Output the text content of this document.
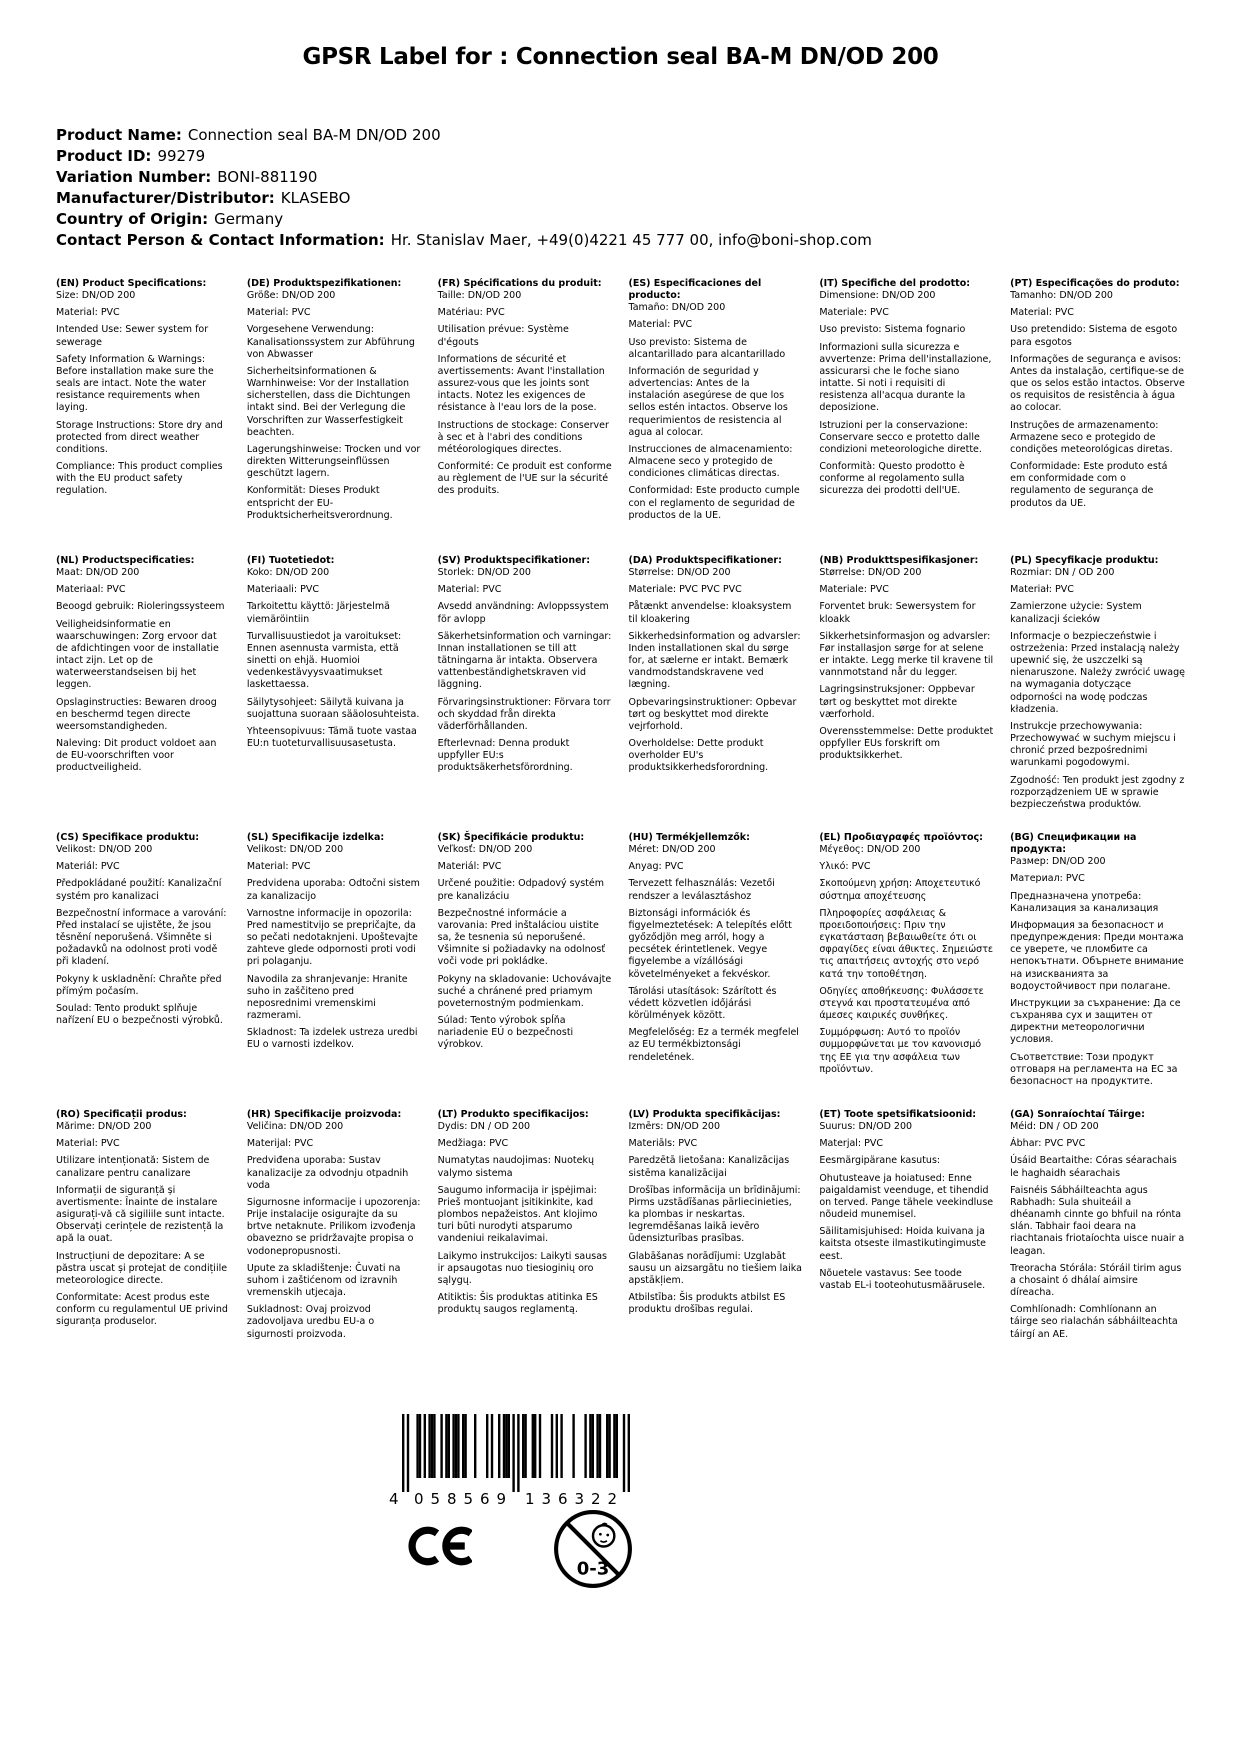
GPSR Label for : Connection seal BA-M DN/OD 200
Product Name: Connection seal BA-M DN/OD 200
Product ID: 99279
Variation Number: BONI-881190
Manufacturer/Distributor: KLASEBO
Country of Origin: Germany
Contact Person & Contact Information: Hr. Stanislav Maer, +49(0)4221 45 777 00, info@boni-shop.com
(EN) Product Specifications:

Size: DN/OD 200

Material: PVC

Intended Use: Sewer system for sewerage

Safety Information & Warnings: Before installation make sure the seals are intact. Note the water resistance requirements when laying.

Storage Instructions: Store dry and protected from direct weather conditions.

Compliance: This product complies with the EU product safety regulation.

(DE) Produktspezifikationen:

Größe: DN/OD 200

Material: PVC

Vorgesehene Verwendung: Kanalisationssystem zur Abführung von Abwasser

Sicherheitsinformationen & Warnhinweise: Vor der Installation sicherstellen, dass die Dichtungen intakt sind. Bei der Verlegung die Vorschriften zur Wasserfestigkeit beachten.

Lagerungshinweise: Trocken und vor direkten Witterungseinflüssen geschützt lagern.

Konformität: Dieses Produkt entspricht der EU-Produktsicherheitsverordnung.

(FR) Spécifications du produit:

Taille: DN/OD 200

Matériau: PVC

Utilisation prévue: Système d'égouts

Informations de sécurité et avertissements: Avant l'installation assurez-vous que les joints sont intacts. Notez les exigences de résistance à l'eau lors de la pose.

Instructions de stockage: Conserver à sec et à l'abri des conditions météorologiques directes.

Conformité: Ce produit est conforme au règlement de l'UE sur la sécurité des produits.

(ES) Especificaciones del producto:

Tamaño: DN/OD 200

Material: PVC

Uso previsto: Sistema de alcantarillado para alcantarillado

Información de seguridad y advertencias: Antes de la instalación asegúrese de que los sellos estén intactos. Observe los requerimientos de resistencia al agua al colocar.

Instrucciones de almacenamiento: Almacene seco y protegido de condiciones climáticas directas.

Conformidad: Este producto cumple con el reglamento de seguridad de productos de la UE.

(IT) Specifiche del prodotto:

Dimensione: DN/OD 200

Materiale: PVC

Uso previsto: Sistema fognario

Informazioni sulla sicurezza e avvertenze: Prima dell'installazione, assicurarsi che le foche siano intatte. Si noti i requisiti di resistenza all'acqua durante la deposizione.

Istruzioni per la conservazione: Conservare secco e protetto dalle condizioni meteorologiche dirette.

Conformità: Questo prodotto è conforme al regolamento sulla sicurezza dei prodotti dell'UE.

(PT) Especificações do produto:

Tamanho: DN/OD 200

Material: PVC

Uso pretendido: Sistema de esgoto para esgotos

Informações de segurança e avisos: Antes da instalação, certifique-se de que os selos estão intactos. Observe os requisitos de resistência à água ao colocar.

Instruções de armazenamento: Armazene seco e protegido de condições meteorológicas diretas.

Conformidade: Este produto está em conformidade com o regulamento de segurança de produtos da UE.

(NL) Productspecificaties:

Maat: DN/OD 200

Materiaal: PVC

Beoogd gebruik: Rioleringssysteem

Veiligheidsinformatie en waarschuwingen: Zorg ervoor dat de afdichtingen voor de installatie intact zijn. Let op de waterweerstandseisen bij het leggen.

Opslaginstructies: Bewaren droog en beschermd tegen directe weersomstandigheden.

Naleving: Dit product voldoet aan de EU-voorschriften voor productveiligheid.

(FI) Tuotetiedot:

Koko: DN/OD 200

Materiaali: PVC

Tarkoitettu käyttö: Järjestelmä viemäröintiin

Turvallisuustiedot ja varoitukset: Ennen asennusta varmista, että sinetti on ehjä. Huomioi vedenkestävyysvaatimukset laskettaessa.

Säilytysohjeet: Säilytä kuivana ja suojattuna suoraan sääolosuhteista.

Yhteensopivuus: Tämä tuote vastaa EU:n tuoteturvallisuusasetusta.

(SV) Produktspecifikationer:

Storlek: DN/OD 200

Material: PVC

Avsedd användning: Avloppssystem för avlopp

Säkerhetsinformation och varningar: Innan installationen se till att tätningarna är intakta. Observera vattenbeständighetskraven vid läggning.

Förvaringsinstruktioner: Förvara torr och skyddad från direkta väderförhållanden.

Efterlevnad: Denna produkt uppfyller EU:s produktsäkerhetsförordning.

(DA) Produktspecifikationer:

Størrelse: DN/OD 200

Materiale: PVC PVC PVC

Påtænkt anvendelse: kloaksystem til kloakering

Sikkerhedsinformation og advarsler: Inden installationen skal du sørge for, at sælerne er intakt. Bemærk vandmodstandskravene ved lægning.

Opbevaringsinstruktioner: Opbevar tørt og beskyttet mod direkte vejrforhold.

Overholdelse: Dette produkt overholder EU's produktsikkerhedsforordning.

(NB) Produkttspesifikasjoner:

Størrelse: DN/OD 200

Materiale: PVC

Forventet bruk: Sewersystem for kloakk

Sikkerhetsinformasjon og advarsler: Før installasjon sørge for at selene er intakte. Legg merke til kravene til vannmotstand når du legger.

Lagringsinstruksjoner: Oppbevar tørt og beskyttet mot direkte værforhold.

Overensstemmelse: Dette produktet oppfyller EUs forskrift om produktsikkerhet.

(PL) Specyfikacje produktu:

Rozmiar: DN / OD 200

Materiał: PVC

Zamierzone użycie: System kanalizacji ścieków

Informacje o bezpieczeństwie i ostrzeżenia: Przed instalacją należy upewnić się, że uszczelki są nienaruszone. Należy zwrócić uwagę na wymagania dotyczące odporności na wodę podczas kładzenia.

Instrukcje przechowywania: Przechowywać w suchym miejscu i chronić przed bezpośrednimi warunkami pogodowymi.

Zgodność: Ten produkt jest zgodny z rozporządzeniem UE w sprawie bezpieczeństwa produktów.

(CS) Specifikace produktu:

Velikost: DN/OD 200

Materiál: PVC

Předpokládané použití: Kanalizační systém pro kanalizaci

Bezpečnostní informace a varování: Před instalací se ujistěte, že jsou těsnění neporušená. Všimněte si požadavků na odolnost proti vodě při kladení.

Pokyny k uskladnění: Chraňte před přímým počasím.

Soulad: Tento produkt splňuje nařízení EU o bezpečnosti výrobků.

(SL) Specifikacije izdelka:

Velikost: DN/OD 200

Material: PVC

Predvidena uporaba: Odtočni sistem za kanalizacijo

Varnostne informacije in opozorila: Pred namestitvijo se prepričajte, da so pečati nedotaknjeni. Upoštevajte zahteve glede odpornosti proti vodi pri polaganju.

Navodila za shranjevanje: Hranite suho in zaščiteno pred neposrednimi vremenskimi razmerami.

Skladnost: Ta izdelek ustreza uredbi EU o varnosti izdelkov.

(SK) Špecifikácie produktu:

Veľkosť: DN/OD 200

Materiál: PVC

Určené použitie: Odpadový systém pre kanalizáciu

Bezpečnostné informácie a varovania: Pred inštaláciou uistite sa, že tesnenia sú neporušené. Všimnite si požiadavky na odolnosť voči vode pri pokládke.

Pokyny na skladovanie: Uchovávajte suché a chránené pred priamym poveternostným podmienkam.

Súlad: Tento výrobok spĺňa nariadenie EÚ o bezpečnosti výrobkov.

(HU) Termékjellemzők:

Méret: DN/OD 200

Anyag: PVC

Tervezett felhasználás: Vezetői rendszer a leválasztáshoz

Biztonsági információk és figyelmeztetések: A telepítés előtt győződjön meg arról, hogy a pecsétek érintetlenek. Vegye figyelembe a vízállósági követelményeket a fekvéskor.

Tárolási utasítások: Szárított és védett közvetlen időjárási körülmények között.

Megfelelőség: Ez a termék megfelel az EU termékbiztonsági rendeletének.

(EL) Προδιαγραφές προϊόντος:

Μέγεθος: DN/OD 200

Υλικό: PVC

Σκοπούμενη χρήση: Αποχετευτικό σύστημα αποχέτευσης

Πληροφορίες ασφάλειας & προειδοποιήσεις: Πριν την εγκατάσταση βεβαιωθείτε ότι οι σφραγίδες είναι άθικτες. Σημειώστε τις απαιτήσεις αντοχής στο νερό κατά την τοποθέτηση.

Οδηγίες αποθήκευσης: Φυλάσσετε στεγνά και προστατευμένα από άμεσες καιρικές συνθήκες.

Συμμόρφωση: Αυτό το προϊόν συμμορφώνεται με τον κανονισμό της ΕΕ για την ασφάλεια των προϊόντων.

(BG) Спецификации на продукта:

Размер: DN/OD 200

Материал: PVC

Предназначена употреба: Канализация за канализация

Информация за безопасност и предупреждения: Преди монтажа се уверете, че пломбите са непокътнати. Обърнете внимание на изискванията за водоустойчивост при полагане.

Инструкции за съхранение: Да се съхранява сух и защитен от директни метеорологични условия.

Съответствие: Този продукт отговаря на регламента на ЕС за безопасност на продуктите.

(RO) Specificații produs:

Mărime: DN/OD 200

Material: PVC

Utilizare intenționată: Sistem de canalizare pentru canalizare

Informații de siguranță și avertismente: Înainte de instalare asigurați-vă că sigiliile sunt intacte. Observați cerințele de rezistență la apă la ouat.

Instrucțiuni de depozitare: A se păstra uscat și protejat de condițiile meteorologice directe.

Conformitate: Acest produs este conform cu regulamentul UE privind siguranța produselor.

(HR) Specifikacije proizvoda:

Veličina: DN/OD 200

Materijal: PVC

Predviđena uporaba: Sustav kanalizacije za odvodnju otpadnih voda

Sigurnosne informacije i upozorenja: Prije instalacije osigurajte da su brtve netaknute. Prilikom izvođenja obavezno se pridržavajte propisa o vodonepropusnosti.

Upute za skladištenje: Čuvati na suhom i zaštićenom od izravnih vremenskih utjecaja.

Sukladnost: Ovaj proizvod zadovoljava uredbu EU-a o sigurnosti proizvoda.

(LT) Produkto specifikacijos:

Dydis: DN / OD 200

Medžiaga: PVC

Numatytas naudojimas: Nuotekų valymo sistema

Saugumo informacija ir įspėjimai: Prieš montuojant įsitikinkite, kad plombos nepažeistos. Ant klojimo turi būti nurodyti atsparumo vandeniui reikalavimai.

Laikymo instrukcijos: Laikyti sausas ir apsaugotas nuo tiesioginių oro sąlygų.

Atitiktis: Šis produktas atitinka ES produktų saugos reglamentą.

(LV) Produkta specifikācijas:

Izmērs: DN/OD 200

Materiāls: PVC

Paredzētā lietošana: Kanalizācijas sistēma kanalizācijai

Drošības informācija un brīdinājumi: Pirms uzstādīšanas pārliecinieties, ka plombas ir neskartas. Iegremdēšanas laikā ievēro ūdensizturības prasības.

Glabāšanas norādījumi: Uzglabāt sausu un aizsargātu no tiešiem laika apstākļiem.

Atbilstība: Šis produkts atbilst ES produktu drošības regulai.

(ET) Toote spetsifikatsioonid:

Suurus: DN/OD 200

Materjal: PVC

Eesmärgipärane kasutus:

Ohutusteave ja hoiatused: Enne paigaldamist veenduge, et tihendid on terved. Pange tähele veekindluse nõudeid munemisel.

Säilitamisjuhised: Hoida kuivana ja kaitsta otseste ilmastikutingimuste eest.

Nõuetele vastavus: See toode vastab EL-i tooteohutusmäärusele.

(GA) Sonraíochtaí Táirge:

Méid: DN / OD 200

Ábhar: PVC PVC

Úsáid Beartaithe: Córas séarachais le haghaidh séarachais

Faisnéis Sábháilteachta agus Rabhadh: Sula shuiteáil a dhéanamh cinnte go bhfuil na rónta slán. Tabhair faoi deara na riachtanais friotaíochta uisce nuair a leagan.

Treoracha Stórála: Stóráil tirim agus a chosaint ó dhálaí aimsire díreacha.

Comhlíonadh: Comhlíonann an táirge seo rialachán sábháilteachta táirgí an AE.

4 058569 136322
0-3
